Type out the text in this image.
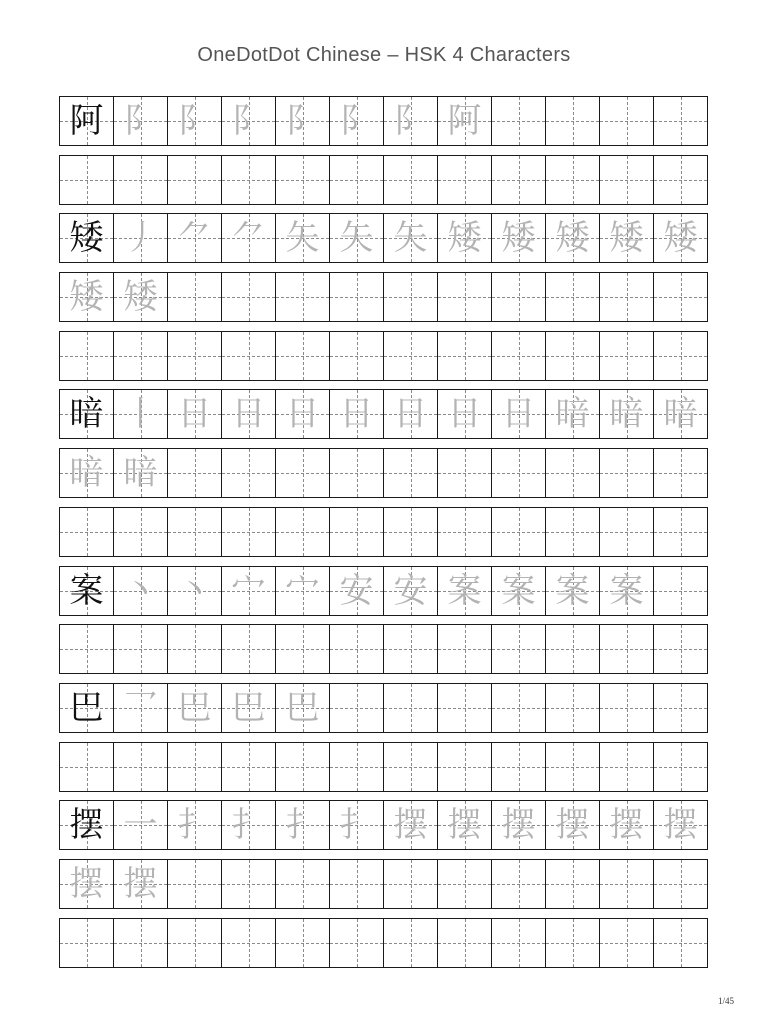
OneDotDot Chinese – HSK 4 Characters
阿 阝 阝 阝 阝 阝 阝 阿
矮 丿 ⺈ ⺈ 矢 矢 矢 矮 矮 矮 矮 矮
矮 矮
暗 丨 日 日 日 日 日 日 日 暗 暗 暗
暗 暗
案 丶 丶 宀 宀 安 安 案 案 案 案
巴 乛 巴 巴 巴
摆 一 扌 扌 扌 扌 摆 摆 摆 摆 摆 摆
摆 摆
1/45
